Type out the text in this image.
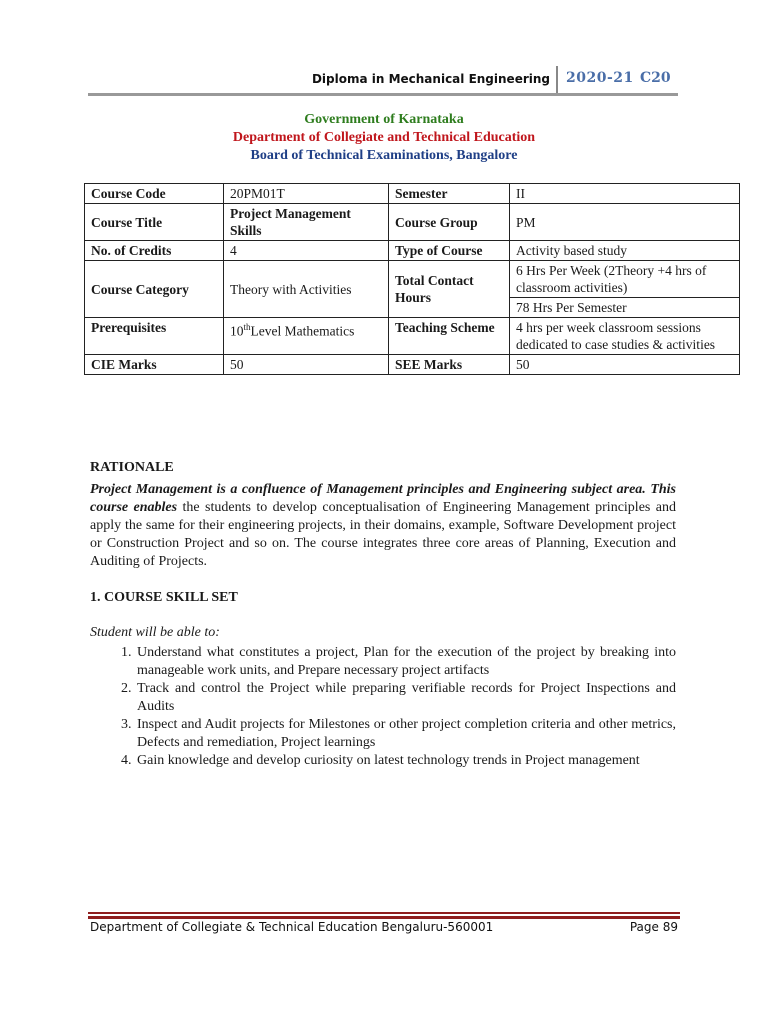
Diploma in Mechanical Engineering 2020-21 C20
Government of Karnataka
Department of Collegiate and Technical Education
Board of Technical Examinations, Bangalore
Course Code	20PM01T	Semester	II
Course Title	Project Management Skills	Course Group	PM
No. of Credits	4	Type of Course	Activity based study
Course Category	Theory with Activities	Total Contact Hours	6 Hrs Per Week (2Theory +4 hrs of classroom activities)
			78 Hrs Per Semester
Prerequisites	10thLevel Mathematics	Teaching Scheme	4 hrs per week classroom sessions dedicated to case studies & activities
CIE Marks	50	SEE Marks	50
RATIONALE
Project Management is a confluence of Management principles and Engineering subject area. This course enables the students to develop conceptualisation of Engineering Management principles and apply the same for their engineering projects, in their domains, example, Software Development project or Construction Project and so on. The course integrates three core areas of Planning, Execution and Auditing of Projects.
1. COURSE SKILL SET
Student will be able to:
1. Understand what constitutes a project, Plan for the execution of the project by breaking into manageable work units, and Prepare necessary project artifacts
2. Track and control the Project while preparing verifiable records for Project Inspections and Audits
3. Inspect and Audit projects for Milestones or other project completion criteria and other metrics, Defects and remediation, Project learnings
4. Gain knowledge and develop curiosity on latest technology trends in Project management
Department of Collegiate & Technical Education Bengaluru-560001	Page 89
